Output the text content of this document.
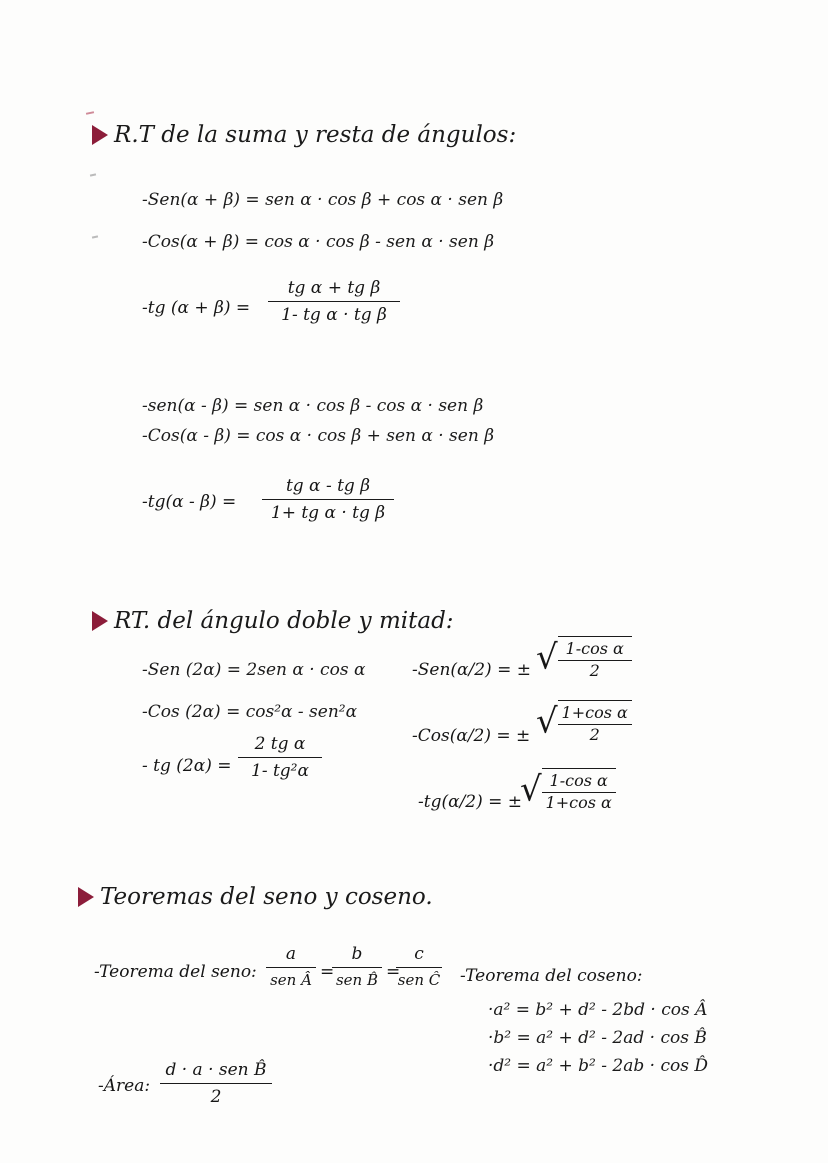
R.T de la suma y resta de ángulos:
-Sen(α + β) = sen α · cos β + cos α · sen β
-Cos(α + β) = cos α · cos β - sen α · sen β
-tg (α + β) =
tg α + tg β
1- tg α · tg β
-sen(α - β) = sen α · cos β - cos α · sen β
-Cos(α - β) = cos α · cos β + sen α · sen β
-tg(α - β) =
tg α - tg β
1+ tg α · tg β
RT. del ángulo doble y mitad:
-Sen (2α) = 2sen α · cos α
-Cos (2α) = cos²α - sen²α
- tg (2α) =
2 tg α
1- tg²α
-Sen(α/2) = ± √ $\frac{\text{1-cos α}}{2}$
-Cos(α/2) = ± √ $\frac{\text{1+cos α}}{2}$
-tg(α/2) = ±
√ $\frac{\text{1-cos α}}{\text{1+cos α}}$
Teoremas del seno y coseno.
-Teorema del seno:
a
sen Â =
b
sen B̂ =
c
sen Ĉ -Teorema del coseno:
·a² = b² + d² - 2bd · cos Â
·b² = a² + d² - 2ad · cos B̂
·d² = a² + b² - 2ab · cos D̂
-Área:
d · a · sen B̂
2
